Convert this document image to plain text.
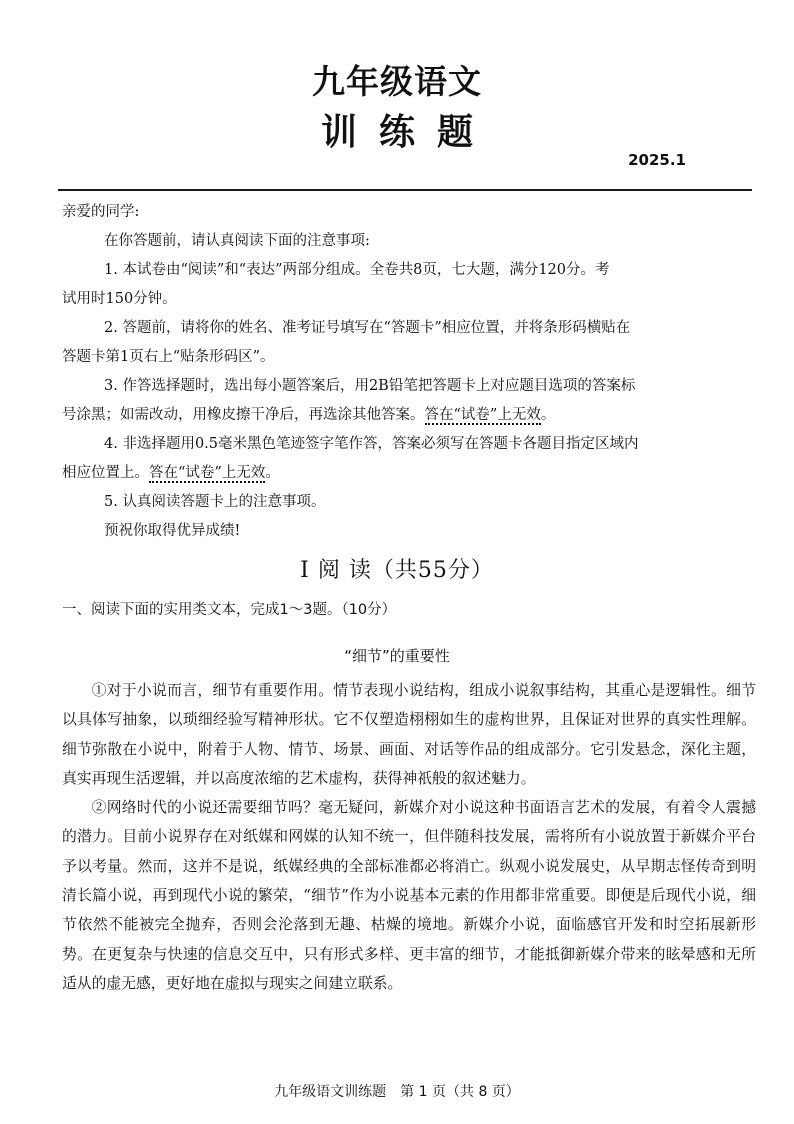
九年级语文
训练题
2025.1

亲爱的同学:

在你答题前，请认真阅读下面的注意事项:

1. 本试卷由“阅读”和“表达”两部分组成。全卷共8页，七大题，满分120分。考

试用时150分钟。

2. 答题前，请将你的姓名、准考证号填写在“答题卡”相应位置，并将条形码横贴在

答题卡第1页右上“贴条形码区”。

3. 作答选择题时，选出每小题答案后，用2B铅笔把答题卡上对应题目选项的答案标

号涂黑；如需改动，用橡皮擦干净后，再选涂其他答案。答在“试卷”上无效。

4. 非选择题用0.5毫米黑色笔迹签字笔作答，答案必须写在答题卡各题目指定区域内

相应位置上。答在“试卷”上无效。

5. 认真阅读答题卡上的注意事项。

预祝你取得优异成绩!

I 阅 读（共55分）
一、阅读下面的实用类文本，完成1～3题。（10分）
“细节”的重要性

①对于小说而言，细节有重要作用。情节表现小说结构，组成小说叙事结构，其重心是逻辑性。细节以具体写抽象，以琐细经验写精神形状。它不仅塑造栩栩如生的虚构世界，且保证对世界的真实性理解。细节弥散在小说中，附着于人物、情节、场景、画面、对话等作品的组成部分。它引发悬念，深化主题，真实再现生活逻辑，并以高度浓缩的艺术虚构，获得神祇般的叙述魅力。

②网络时代的小说还需要细节吗？毫无疑问，新媒介对小说这种书面语言艺术的发展，有着令人震撼的潜力。目前小说界存在对纸媒和网媒的认知不统一，但伴随科技发展，需将所有小说放置于新媒介平台予以考量。然而，这并不是说，纸媒经典的全部标准都必将消亡。纵观小说发展史，从早期志怪传奇到明清长篇小说，再到现代小说的繁荣，“细节”作为小说基本元素的作用都非常重要。即便是后现代小说，细节依然不能被完全抛弃，否则会沦落到无趣、枯燥的境地。新媒介小说，面临感官开发和时空拓展新形势。在更复杂与快速的信息交互中，只有形式多样、更丰富的细节，才能抵御新媒介带来的眩晕感和无所适从的虚无感，更好地在虚拟与现实之间建立联系。

九年级语文训练题　第 1 页（共 8 页）
